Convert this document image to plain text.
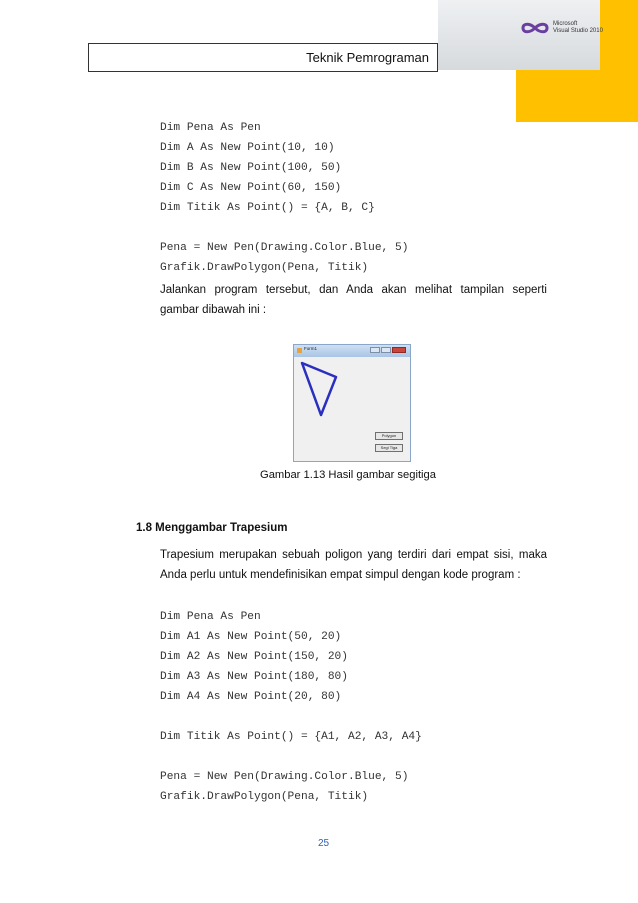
Microsoft
Visual Studio 2010
Teknik Pemrograman
Dim Pena As Pen
Dim A As New Point(10, 10)
Dim B As New Point(100, 50)
Dim C As New Point(60, 150)
Dim Titik As Point() = {A, B, C}
Pena = New Pen(Drawing.Color.Blue, 5)
Grafik.DrawPolygon(Pena, Titik)
Jalankan program tersebut, dan Anda akan melihat tampilan seperti
gambar dibawah ini :
Form1
Polygon
Segi Tiga
Gambar 1.13 Hasil gambar segitiga
1.8 Menggambar Trapesium
Trapesium merupakan sebuah poligon yang terdiri dari empat sisi, maka
Anda perlu untuk mendefinisikan empat simpul dengan kode program :
Dim Pena As Pen
Dim A1 As New Point(50, 20)
Dim A2 As New Point(150, 20)
Dim A3 As New Point(180, 80)
Dim A4 As New Point(20, 80)
Dim Titik As Point() = {A1, A2, A3, A4}
Pena = New Pen(Drawing.Color.Blue, 5)
Grafik.DrawPolygon(Pena, Titik)
25
